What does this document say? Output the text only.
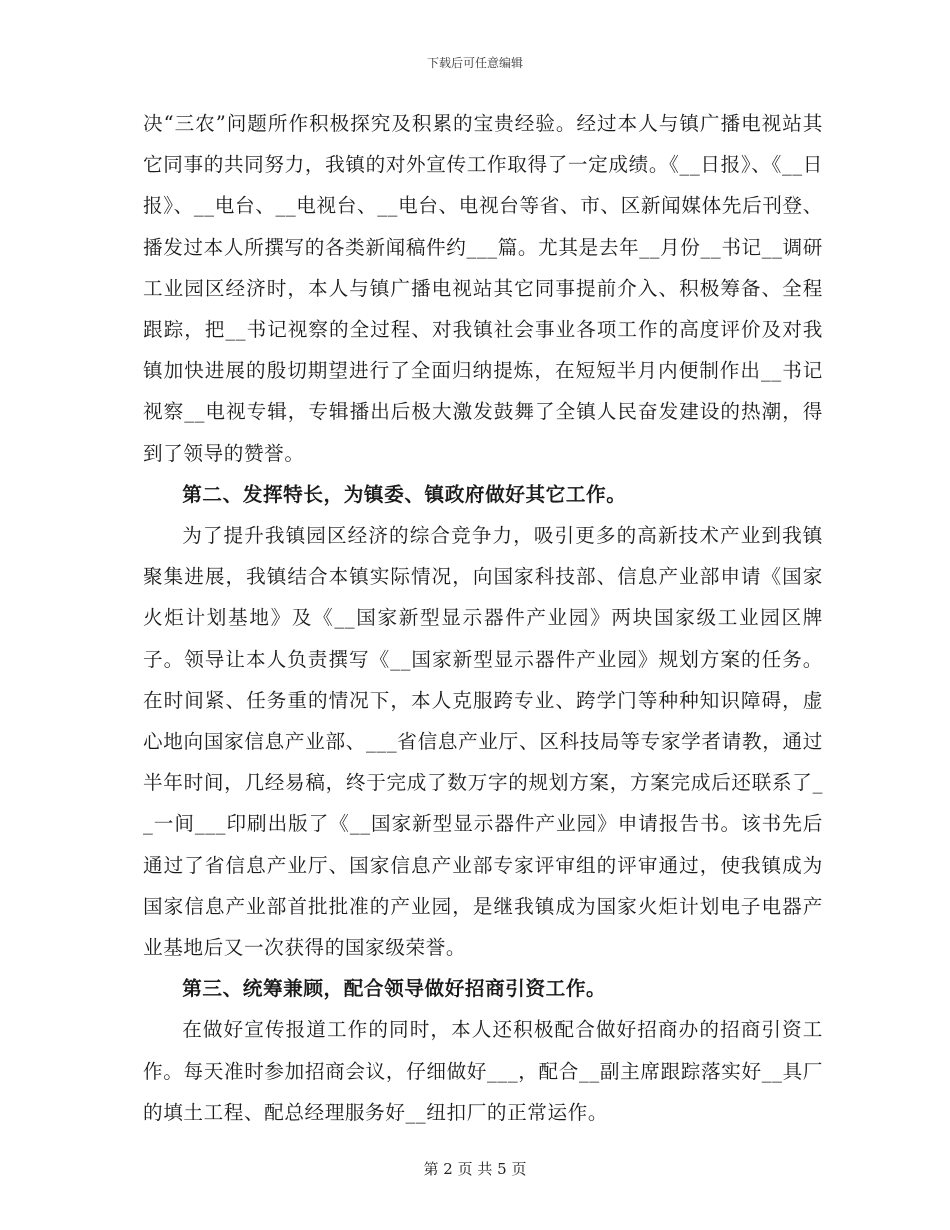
下载后可任意编辑

决“三农”问题所作积极探究及积累的宝贵经验。经过本人与镇广播电视站其它同事的共同努力，我镇的对外宣传工作取得了一定成绩。《__日报》、《__日报》、__电台、__电视台、__电台、电视台等省、市、区新闻媒体先后刊登、播发过本人所撰写的各类新闻稿件约___篇。尤其是去年__月份__书记__调研工业园区经济时，本人与镇广播电视站其它同事提前介入、积极筹备、全程跟踪，把__书记视察的全过程、对我镇社会事业各项工作的高度评价及对我镇加快进展的殷切期望进行了全面归纳提炼，在短短半月内便制作出__书记视察__电视专辑，专辑播出后极大激发鼓舞了全镇人民奋发建设的热潮，得到了领导的赞誉。

第二、发挥特长，为镇委、镇政府做好其它工作。

为了提升我镇园区经济的综合竞争力，吸引更多的高新技术产业到我镇聚集进展，我镇结合本镇实际情况，向国家科技部、信息产业部申请《国家火炬计划基地》及《__国家新型显示器件产业园》两块国家级工业园区牌子。领导让本人负责撰写《__国家新型显示器件产业园》规划方案的任务。在时间紧、任务重的情况下，本人克服跨专业、跨学门等种种知识障碍，虚心地向国家信息产业部、___省信息产业厅、区科技局等专家学者请教，通过半年时间，几经易稿，终于完成了数万字的规划方案，方案完成后还联系了__一间___印刷出版了《__国家新型显示器件产业园》申请报告书。该书先后通过了省信息产业厅、国家信息产业部专家评审组的评审通过，使我镇成为国家信息产业部首批批准的产业园，是继我镇成为国家火炬计划电子电器产业基地后又一次获得的国家级荣誉。

第三、统筹兼顾，配合领导做好招商引资工作。

在做好宣传报道工作的同时，本人还积极配合做好招商办的招商引资工作。每天准时参加招商会议，仔细做好___，配合__副主席跟踪落实好__具厂的填土工程、配总经理服务好__纽扣厂的正常运作。

第 2 页 共 5 页
